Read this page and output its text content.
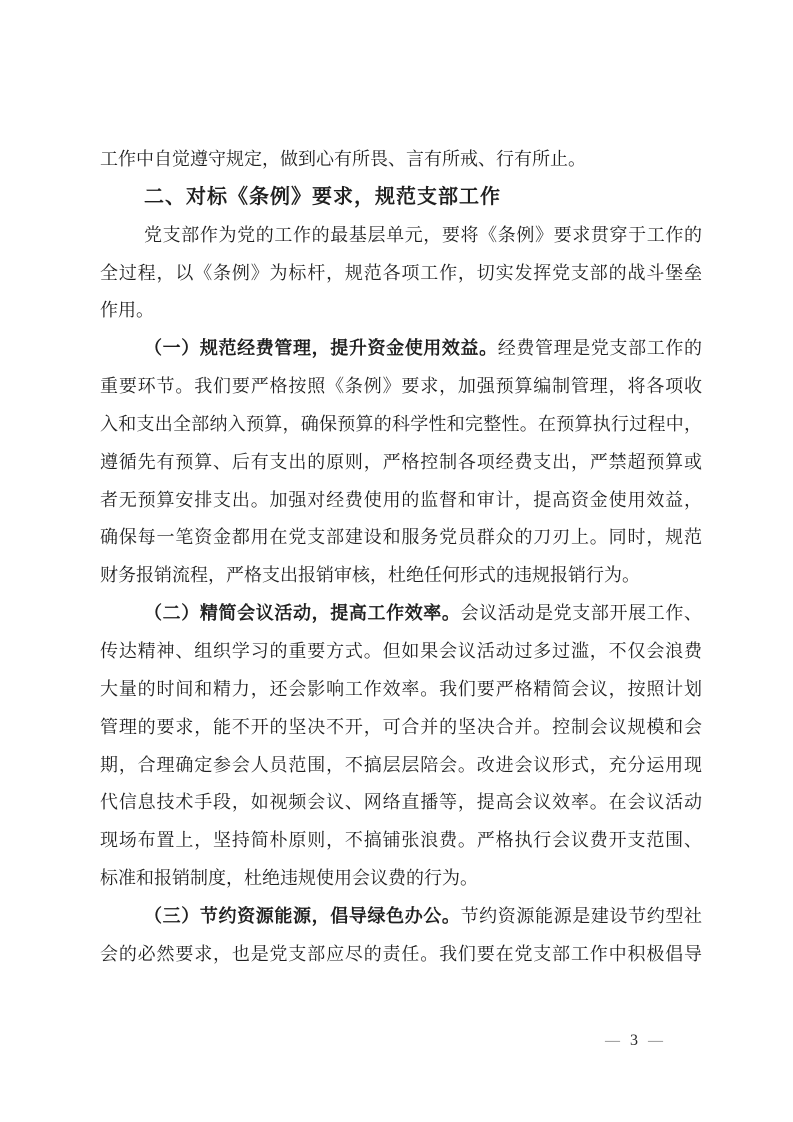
工作中自觉遵守规定，做到心有所畏、言有所戒、行有所止。
二、对标《条例》要求，规范支部工作
党支部作为党的工作的最基层单元，要将《条例》要求贯穿于工作的
全过程，以《条例》为标杆，规范各项工作，切实发挥党支部的战斗堡垒
作用。
（一）规范经费管理，提升资金使用效益。经费管理是党支部工作的
重要环节。我们要严格按照《条例》要求，加强预算编制管理，将各项收
入和支出全部纳入预算，确保预算的科学性和完整性。在预算执行过程中，
遵循先有预算、后有支出的原则，严格控制各项经费支出，严禁超预算或
者无预算安排支出。加强对经费使用的监督和审计，提高资金使用效益，
确保每一笔资金都用在党支部建设和服务党员群众的刀刃上。同时，规范
财务报销流程，严格支出报销审核，杜绝任何形式的违规报销行为。
（二）精简会议活动，提高工作效率。会议活动是党支部开展工作、
传达精神、组织学习的重要方式。但如果会议活动过多过滥，不仅会浪费
大量的时间和精力，还会影响工作效率。我们要严格精简会议，按照计划
管理的要求，能不开的坚决不开，可合并的坚决合并。控制会议规模和会
期，合理确定参会人员范围，不搞层层陪会。改进会议形式，充分运用现
代信息技术手段，如视频会议、网络直播等，提高会议效率。在会议活动
现场布置上，坚持简朴原则，不搞铺张浪费。严格执行会议费开支范围、
标准和报销制度，杜绝违规使用会议费的行为。
（三）节约资源能源，倡导绿色办公。节约资源能源是建设节约型社
会的必然要求，也是党支部应尽的责任。我们要在党支部工作中积极倡导
— 3 —
